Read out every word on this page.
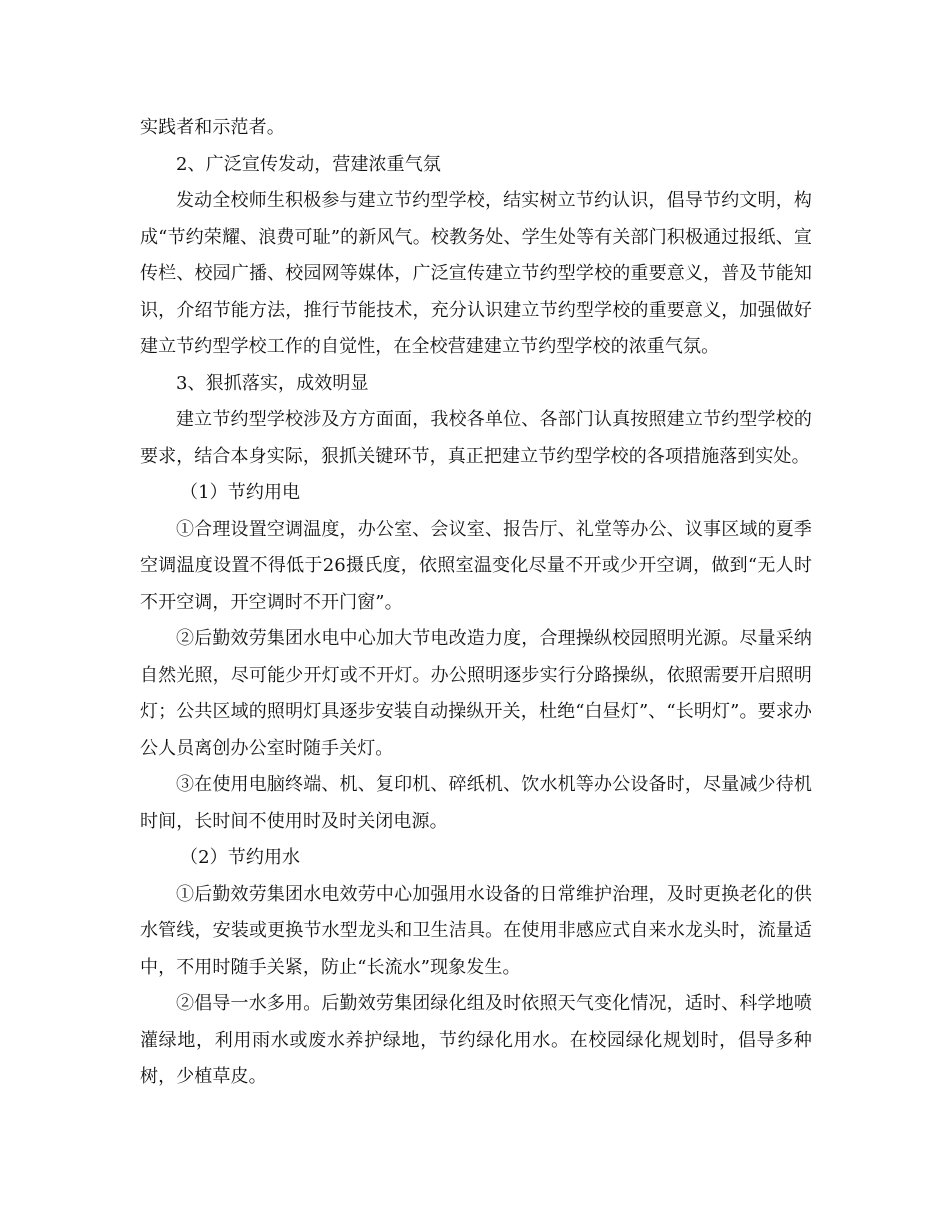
实践者和示范者。

2、广泛宣传发动，营建浓重气氛

发动全校师生积极参与建立节约型学校，结实树立节约认识，倡导节约文明，构成“节约荣耀、浪费可耻”的新风气。校教务处、学生处等有关部门积极通过报纸、宣传栏、校园广播、校园网等媒体，广泛宣传建立节约型学校的重要意义，普及节能知识，介绍节能方法，推行节能技术，充分认识建立节约型学校的重要意义，加强做好建立节约型学校工作的自觉性，在全校营建建立节约型学校的浓重气氛。

3、狠抓落实，成效明显

建立节约型学校涉及方方面面，我校各单位、各部门认真按照建立节约型学校的要求，结合本身实际，狠抓关键环节，真正把建立节约型学校的各项措施落到实处。

（1）节约用电

①合理设置空调温度，办公室、会议室、报告厅、礼堂等办公、议事区域的夏季空调温度设置不得低于26摄氏度，依照室温变化尽量不开或少开空调，做到“无人时不开空调，开空调时不开门窗”。

②后勤效劳集团水电中心加大节电改造力度，合理操纵校园照明光源。尽量采纳自然光照，尽可能少开灯或不开灯。办公照明逐步实行分路操纵，依照需要开启照明灯；公共区域的照明灯具逐步安装自动操纵开关，杜绝“白昼灯”、“长明灯”。要求办公人员离创办公室时随手关灯。

③在使用电脑终端、机、复印机、碎纸机、饮水机等办公设备时，尽量减少待机时间，长时间不使用时及时关闭电源。

（2）节约用水

①后勤效劳集团水电效劳中心加强用水设备的日常维护治理，及时更换老化的供水管线，安装或更换节水型龙头和卫生洁具。在使用非感应式自来水龙头时，流量适中，不用时随手关紧，防止“长流水”现象发生。

②倡导一水多用。后勤效劳集团绿化组及时依照天气变化情况，适时、科学地喷灌绿地，利用雨水或废水养护绿地，节约绿化用水。在校园绿化规划时，倡导多种树，少植草皮。
